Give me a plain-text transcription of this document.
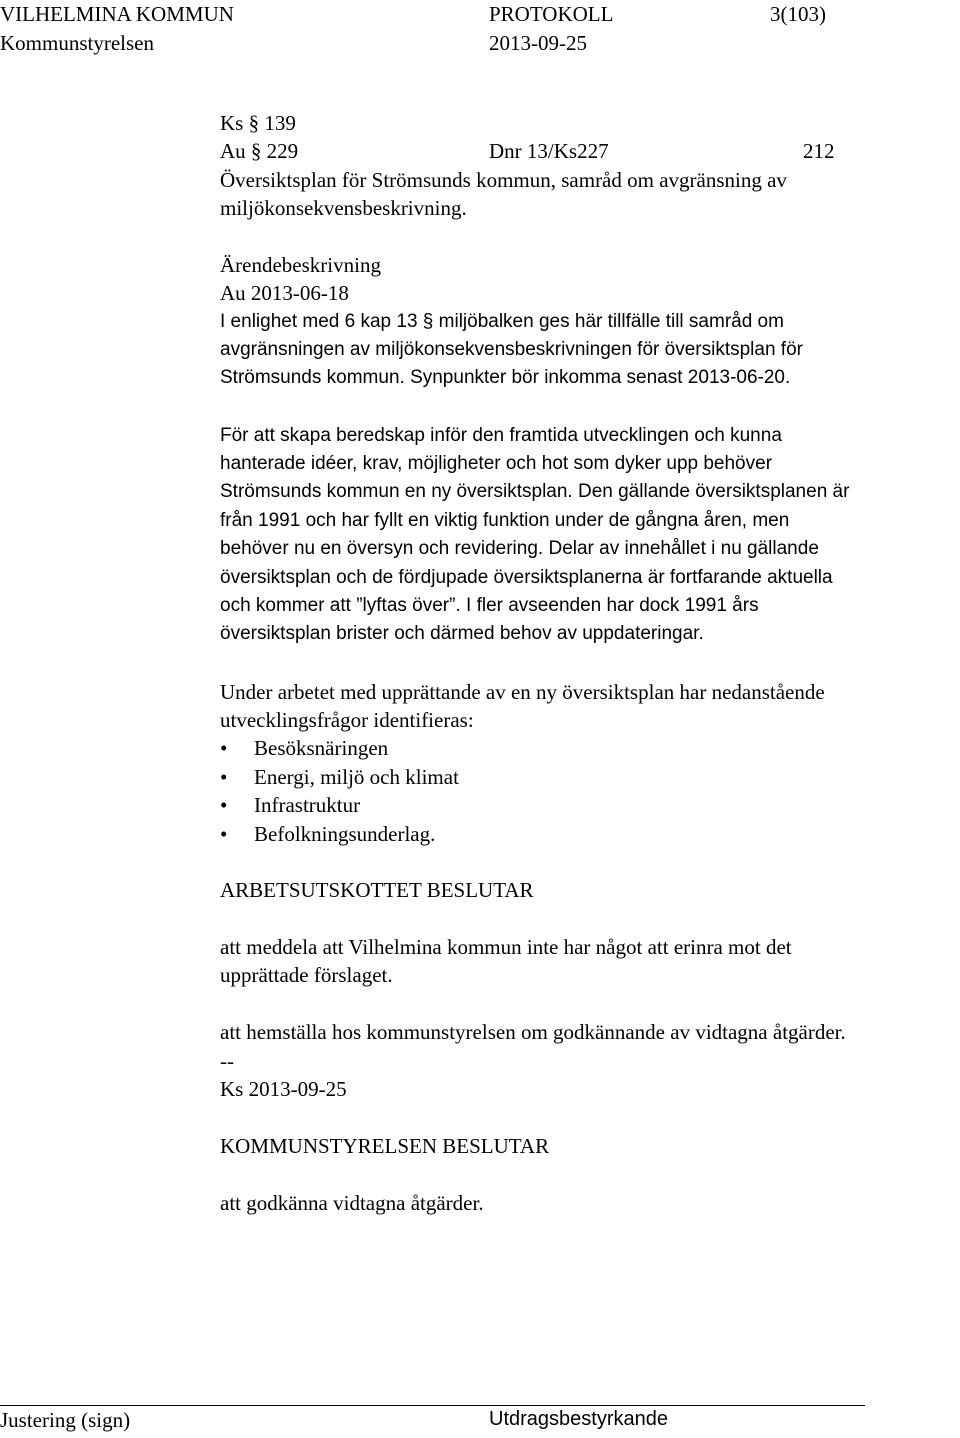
VILHELMINA KOMMUN	PROTOKOLL	3(103)
Kommunstyrelsen	2013-09-25
Ks § 139
Au § 229	Dnr 13/Ks227	212
Översiktsplan för Strömsunds kommun, samråd om avgränsning av
miljökonsekvensbeskrivning.
Ärendebeskrivning
Au 2013-06-18
I enlighet med 6 kap 13 § miljöbalken ges här tillfälle till samråd om
avgränsningen av miljökonsekvensbeskrivningen för översiktsplan för
Strömsunds kommun. Synpunkter bör inkomma senast 2013-06-20.
För att skapa beredskap inför den framtida utvecklingen och kunna
hanterade idéer, krav, möjligheter och hot som dyker upp behöver
Strömsunds kommun en ny översiktsplan. Den gällande översiktsplanen är
från 1991 och har fyllt en viktig funktion under de gångna åren, men
behöver nu en översyn och revidering. Delar av innehållet i nu gällande
översiktsplan och de fördjupade översiktsplanerna är fortfarande aktuella
och kommer att ”lyftas över”. I fler avseenden har dock 1991 års
översiktsplan brister och därmed behov av uppdateringar.
Under arbetet med upprättande av en ny översiktsplan har nedanstående
utvecklingsfrågor identifieras:
• Besöksnäringen
• Energi, miljö och klimat
• Infrastruktur
• Befolkningsunderlag.
ARBETSUTSKOTTET BESLUTAR
att meddela att Vilhelmina kommun inte har något att erinra mot det
upprättade förslaget.
att hemställa hos kommunstyrelsen om godkännande av vidtagna åtgärder.
--
Ks 2013-09-25
KOMMUNSTYRELSEN BESLUTAR
att godkänna vidtagna åtgärder.
Justering (sign)	Utdragsbestyrkande
